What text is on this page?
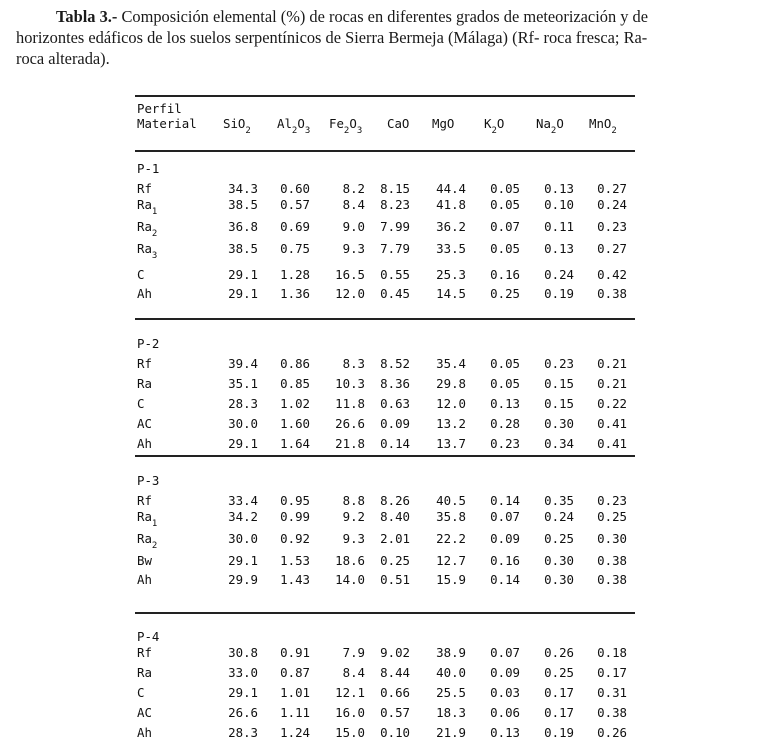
Tabla 3.- Composición elemental (%) de rocas en diferentes grados de meteorización y de
horizontes edáficos de los suelos serpentínicos de Sierra Bermeja (Málaga) (Rf- roca fresca; Ra-
roca alterada).
Perfil
Material SiO$_2$ $Al_2O_3$ $Fe_2O_3$ CaO MgO $K_2O$	$Na_2O$ MnO$_2$
P-1
Rf	34.3 0.60	8.2 8.15 44.4 0.05 0.13 0.27
$Ra_1$	38.5 0.57	8.4 8.23 41.8 0.05 0.10 0.24
$Ra_2$	36.8 0.69	9.0 7.99 36.2 0.07 0.11 0.23
$Ra_3$	38.5 0.75	9.3 7.79 33.5 0.05 0.13 0.27
C	29.1 1.28 16.5 0.55 25.3 0.16 0.24 0.42
Ah	29.1 1.36 12.0 0.45 14.5 0.25 0.19 0.38
P-2
Rf	39.4 0.86	8.3 8.52 35.4 0.05 0.23 0.21
Ra	35.1 0.85 10.3 8.36 29.8 0.05 0.15 0.21
C	28.3 1.02 11.8 0.63 12.0 0.13 0.15 0.22
AC	30.0 1.60 26.6 0.09 13.2 0.28 0.30 0.41
Ah	29.1 1.64 21.8 0.14 13.7 0.23 0.34 0.41
P-3
Rf	33.4 0.95	8.8 8.26 40.5 0.14 0.35 0.23
$Ra_1$	34.2 0.99	9.2 8.40 35.8 0.07 0.24 0.25
$Ra_2$	30.0 0.92	9.3 2.01 22.2 0.09 0.25 0.30
Bw	29.1 1.53 18.6 0.25 12.7 0.16 0.30 0.38
Ah	29.9 1.43 14.0 0.51 15.9 0.14 0.30 0.38
P-4
Rf	30.8 0.91	7.9 9.02 38.9 0.07 0.26 0.18
Ra	33.0 0.87	8.4 8.44 40.0 0.09 0.25 0.17
C	29.1 1.01 12.1 0.66 25.5 0.03 0.17 0.31
AC	26.6 1.11 16.0 0.57 18.3 0.06 0.17 0.38
Ah	28.3 1.24 15.0 0.10 21.9 0.13 0.19 0.26
